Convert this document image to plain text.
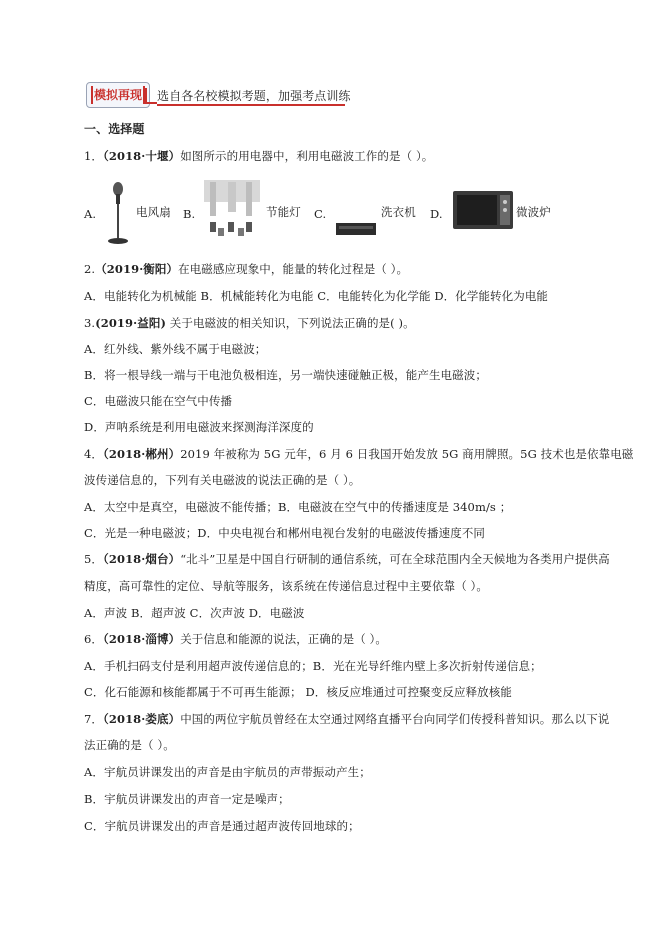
模拟再现	选自各名校模拟考题，加强考点训练
一、选择题
1．（2018·十堰）如图所示的用电器中，利用电磁波工作的是（ ）。
A.	电风扇 B.	节能灯 C.	洗衣机 D.	微波炉
2.（2019·衡阳）在电磁感应现象中，能量的转化过程是（ ）。
A．电能转化为机械能 B．机械能转化为电能 C．电能转化为化学能 D．化学能转化为电能
3.(2019·益阳) 关于电磁波的相关知识，下列说法正确的是( )。
A．红外线、紫外线不属于电磁波；
B．将一根导线一端与干电池负极相连，另一端快速碰触正极，能产生电磁波；
C．电磁波只能在空气中传播
D．声呐系统是利用电磁波来探测海洋深度的
4．（2018·郴州）2019 年被称为 5G 元年，6 月 6 日我国开始发放 5G 商用牌照。5G 技术也是依靠电磁
波传递信息的，下列有关电磁波的说法正确的是（ ）。
A．太空中是真空，电磁波不能传播；B．电磁波在空气中的传播速度是 340m/s ；
C．光是一种电磁波；D．中央电视台和郴州电视台发射的电磁波传播速度不同
5．（2018·烟台）“北斗”卫星是中国自行研制的通信系统，可在全球范围内全天候地为各类用户提供高
精度，高可靠性的定位、导航等服务，该系统在传递信息过程中主要依靠（ ）。
A．声波 B．超声波 C．次声波 D．电磁波
6．（2018·淄博）关于信息和能源的说法，正确的是（ ）。
A．手机扫码支付是利用超声波传递信息的；B．光在光导纤维内壁上多次折射传递信息；
C．化石能源和核能都属于不可再生能源； D．核反应堆通过可控聚变反应释放核能
7．（2018·娄底）中国的两位宇航员曾经在太空通过网络直播平台向同学们传授科普知识。那么以下说
法正确的是（ ）。
A．宇航员讲课发出的声音是由宇航员的声带振动产生；
B．宇航员讲课发出的声音一定是噪声；
C．宇航员讲课发出的声音是通过超声波传回地球的；
